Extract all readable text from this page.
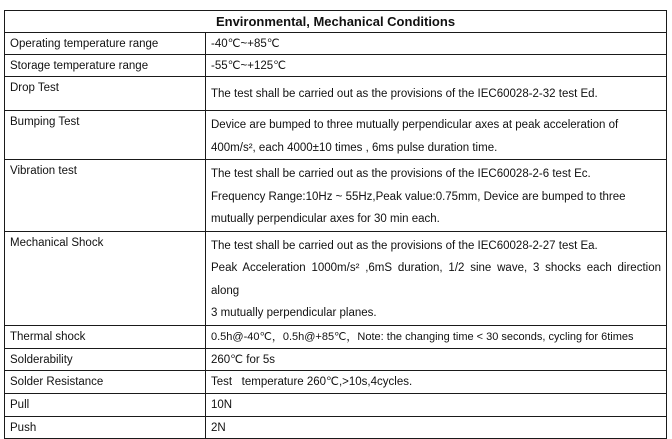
Environmental, Mechanical Conditions	
Operating temperature range	-40℃~+85℃

Storage temperature range	-55℃~+125℃

Drop Test	The test shall be carried out as the provisions of the IEC60028-2-32 test Ed.

Bumping Test	Device are bumped to three mutually perpendicular axes at peak acceleration of
400m/s², each 4000±10 times , 6ms pulse duration time.

Vibration test	The test shall be carried out as the provisions of the IEC60028-2-6 test Ec.
Frequency Range:10Hz ~ 55Hz,Peak value:0.75mm, Device are bumped to three
mutually perpendicular axes for 30 min each.

Mechanical Shock	The test shall be carried out as the provisions of the IEC60028-2-27 test Ea.
Peak Acceleration 1000m/s² ,6mS duration, 1/2 sine wave, 3 shocks each direction along
3 mutually perpendicular planes.

Thermal shock	0.5h@-40℃，0.5h@+85℃，Note: the changing time < 30 seconds, cycling for 6times

Solderability	260℃ for 5s

Solder Resistance	Test   temperature 260℃,>10s,4cycles.

Pull	10N

Push	2N
